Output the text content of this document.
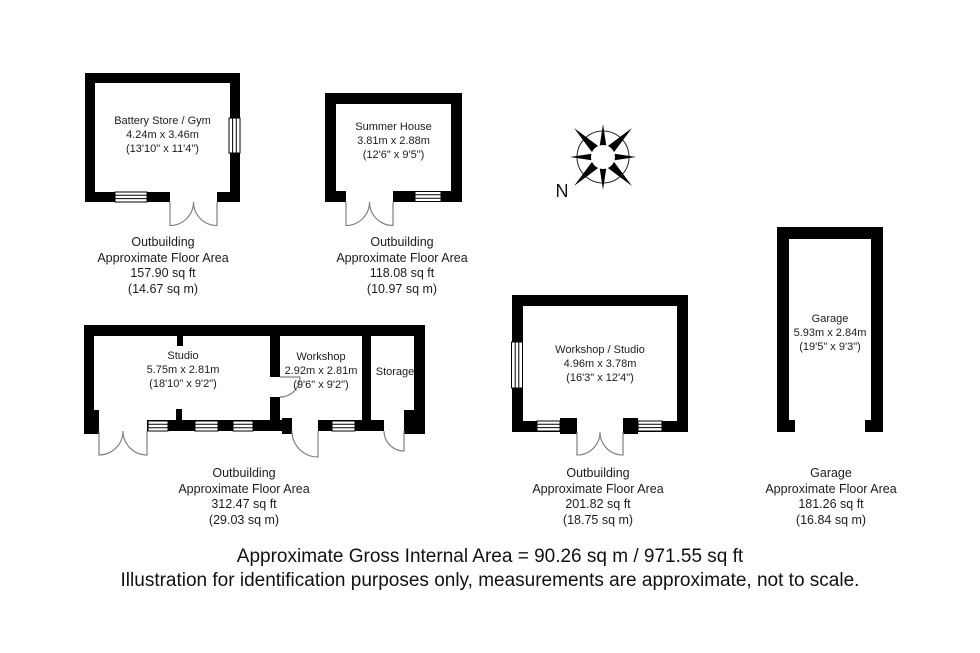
Battery Store / Gym
4.24m x 3.46m
(13'10" x 11'4")
Summer House
3.81m x 2.88m
(12'6" x 9'5")
Workshop / Studio
4.96m x 3.78m
(16'3" x 12'4")
Garage
5.93m x 2.84m
(19'5" x 9'3")
Studio
5.75m x 2.81m
(18'10" x 9'2")
Workshop
2.92m x 2.81m
(9'6" x 9'2")
Storage
Outbuilding
Approximate Floor Area
157.90 sq ft
(14.67 sq m)
Outbuilding
Approximate Floor Area
118.08 sq ft
(10.97 sq m)
Outbuilding
Approximate Floor Area
312.47 sq ft
(29.03 sq m)
Outbuilding
Approximate Floor Area
201.82 sq ft
(18.75 sq m)
Garage
Approximate Floor Area
181.26 sq ft
(16.84 sq m)
N
Approximate Gross Internal Area = 90.26 sq m / 971.55 sq ft
Illustration for identification purposes only, measurements are approximate, not to scale.
